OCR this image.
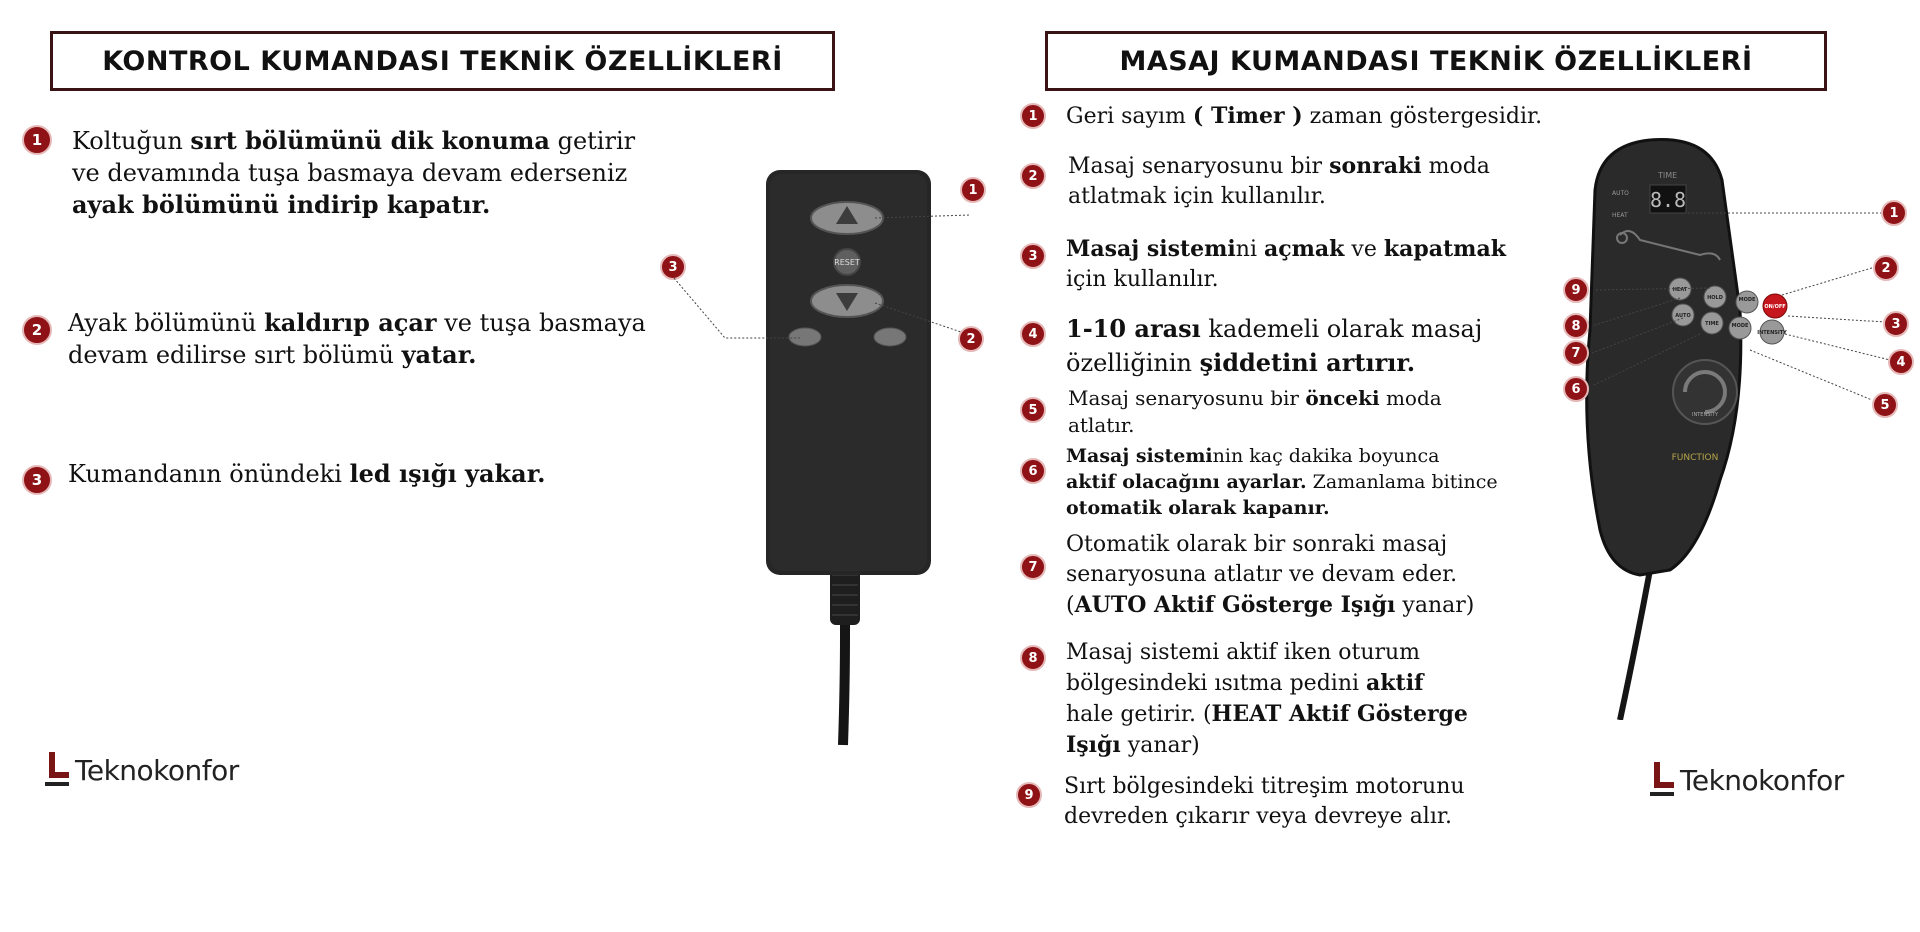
KONTROL KUMANDASI TEKNİK ÖZELLİKLERİ	MASAJ KUMANDASI TEKNİK ÖZELLİKLERİ
1 Koltuğun sırt bölümünü dik konuma getirir
ve devamında tuşa basmaya devam ederseniz
ayak bölümünü indirip kapatır.
2 Ayak bölümünü kaldırıp açar ve tuşa basmaya
devam edilirse sırt bölümü yatar.
3 Kumandanın önündeki led ışığı yakar.
RESET
1
2
3
Teknokonfor
1 Geri sayım ( Timer ) zaman göstergesidir.
2 Masaj senaryosunu bir sonraki moda
atlatmak için kullanılır.
3 Masaj sistemini açmak ve kapatmak
için kullanılır.
4 1-10 arası kademeli olarak masaj
özelliğinin şiddetini artırır.
5 Masaj senaryosunu bir önceki moda
atlatır.
6
Masaj sisteminin kaç dakika boyunca
aktif olacağını ayarlar. Zamanlama bitince
otomatik olarak kapanır.
7
Otomatik olarak bir sonraki masaj
senaryosuna atlatır ve devam eder.
(AUTO Aktif Gösterge Işığı yanar)
8 Masaj sistemi aktif iken oturum
bölgesindeki ısıtma pedini aktif
hale getirir. (HEAT Aktif Gösterge
Işığı yanar)
9 Sırt bölgesindeki titreşim motorunu
devreden çıkarır veya devreye alır.
TIME
8.8
AUTO
HEAT
HEAT
HOLD	MODE
ON/OFF
AUTO
TIME	MODE
INTENSITY
INTENSITY
FUNCTION
1
2
3
4
5
6
7
8
9
Teknokonfor
